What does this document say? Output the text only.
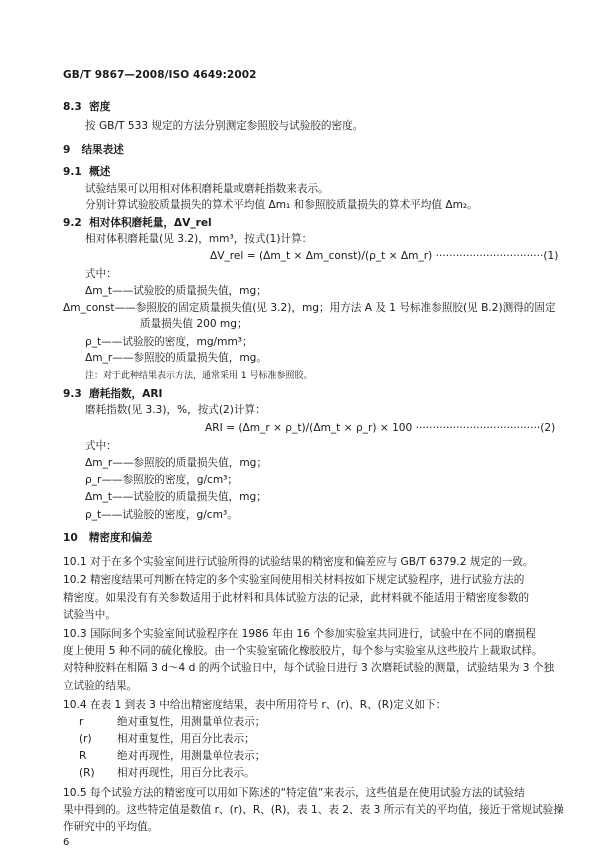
GB/T 9867—2008/ISO 4649:2002
8.3 密度
按 GB/T 533 规定的方法分别测定参照胶与试验胶的密度。
9 结果表述
9.1 概述
试验结果可以用相对体积磨耗量或磨耗指数来表示。
分别计算试验胶质量损失的算术平均值 Δm₁ 和参照胶质量损失的算术平均值 Δm₂。
9.2 相对体积磨耗量，ΔV_rel
相对体积磨耗量(见 3.2)，mm³，按式(1)计算：
ΔV_rel = (Δm_t × Δm_const)/(ρ_t × Δm_r) ································(1)
式中：
Δm_t——试验胶的质量损失值，mg；
Δm_const——参照胶的固定质量损失值(见 3.2)，mg；用方法 A 及 1 号标准参照胶(见 B.2)测得的固定
质量损失值 200 mg；
ρ_t——试验胶的密度，mg/mm³；
Δm_r——参照胶的质量损失值，mg。
注：对于此种结果表示方法，通常采用 1 号标准参照胶。
9.3 磨耗指数，ARI
磨耗指数(见 3.3)，%，按式(2)计算：
ARI = (Δm_r × ρ_t)/(Δm_t × ρ_r) × 100 ·····································(2)
式中：
Δm_r——参照胶的质量损失值，mg；
ρ_r——参照胶的密度，g/cm³；
Δm_t——试验胶的质量损失值，mg；
ρ_t——试验胶的密度，g/cm³。
10 精密度和偏差
10.1 对于在多个实验室间进行试验所得的试验结果的精密度和偏差应与 GB/T 6379.2 规定的一致。
10.2 精密度结果可判断在特定的多个实验室间使用相关材料按如下规定试验程序，进行试验方法的
精密度。如果没有有关参数适用于此材料和具体试验方法的记录，此材料就不能适用于精密度参数的
试验当中。
10.3 国际间多个实验室间试验程序在 1986 年由 16 个参加实验室共同进行，试验中在不同的磨损程
度上使用 5 种不同的硫化橡胶。由一个实验室硫化橡胶胶片，每个参与实验室从这些胶片上裁取试样。
对特种胶料在相隔 3 d～4 d 的两个试验日中，每个试验日进行 3 次磨耗试验的测量，试验结果为 3 个独
立试验的结果。
10.4 在表 1 到表 3 中给出精密度结果，表中所用符号 r、(r)、R、(R)定义如下：
r	绝对重复性，用测量单位表示；
(r) 相对重复性，用百分比表示；
R	绝对再现性，用测量单位表示；
(R) 相对再现性，用百分比表示。
10.5 每个试验方法的精密度可以用如下陈述的“特定值”来表示，这些值是在使用试验方法的试验结
果中得到的。这些特定值是数值 r、(r)、R、(R)，表 1、表 2、表 3 所示有关的平均值，接近于常规试验操
作研究中的平均值。
6
